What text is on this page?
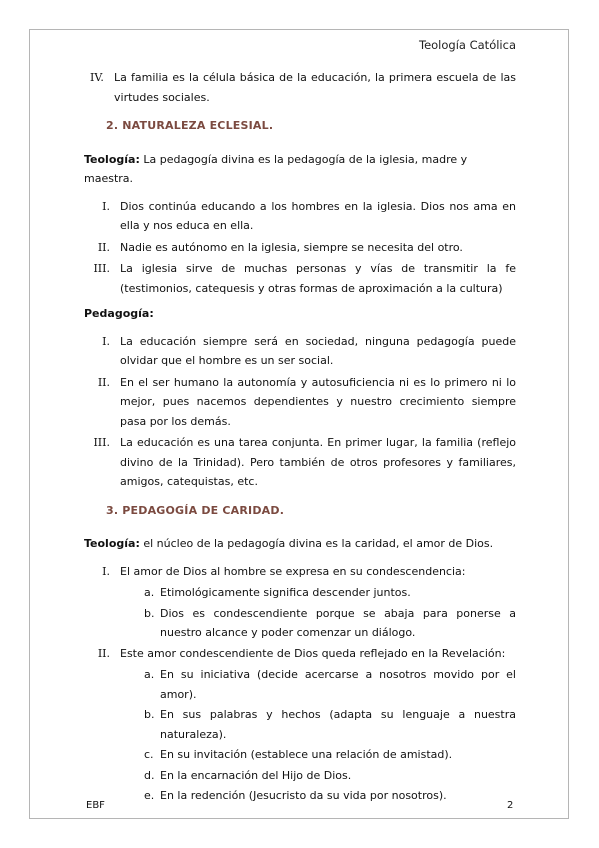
Teología Católica
IV. La familia es la célula básica de la educación, la primera escuela de las virtudes sociales.
2. NATURALEZA ECLESIAL.
Teología: La pedagogía divina es la pedagogía de la iglesia, madre y maestra.
I. Dios continúa educando a los hombres en la iglesia. Dios nos ama en ella y nos educa en ella.
II. Nadie es autónomo en la iglesia, siempre se necesita del otro.
III. La iglesia sirve de muchas personas y vías de transmitir la fe (testimonios, catequesis y otras formas de aproximación a la cultura)
Pedagogía:
I. La educación siempre será en sociedad, ninguna pedagogía puede olvidar que el hombre es un ser social.
II. En el ser humano la autonomía y autosuficiencia ni es lo primero ni lo mejor, pues nacemos dependientes y nuestro crecimiento siempre pasa por los demás.
III. La educación es una tarea conjunta. En primer lugar, la familia (reflejo divino de la Trinidad). Pero también de otros profesores y familiares, amigos, catequistas, etc.
3. PEDAGOGÍA DE CARIDAD.
Teología: el núcleo de la pedagogía divina es la caridad, el amor de Dios.
I. El amor de Dios al hombre se expresa en su condescendencia:
a. Etimológicamente significa descender juntos.
b. Dios es condescendiente porque se abaja para ponerse a nuestro alcance y poder comenzar un diálogo.
II. Este amor condescendiente de Dios queda reflejado en la Revelación:
a. En su iniciativa (decide acercarse a nosotros movido por el amor).
b. En sus palabras y hechos (adapta su lenguaje a nuestra naturaleza).
c. En su invitación (establece una relación de amistad).
d. En la encarnación del Hijo de Dios.
e. En la redención (Jesucristo da su vida por nosotros).
EBF	2
